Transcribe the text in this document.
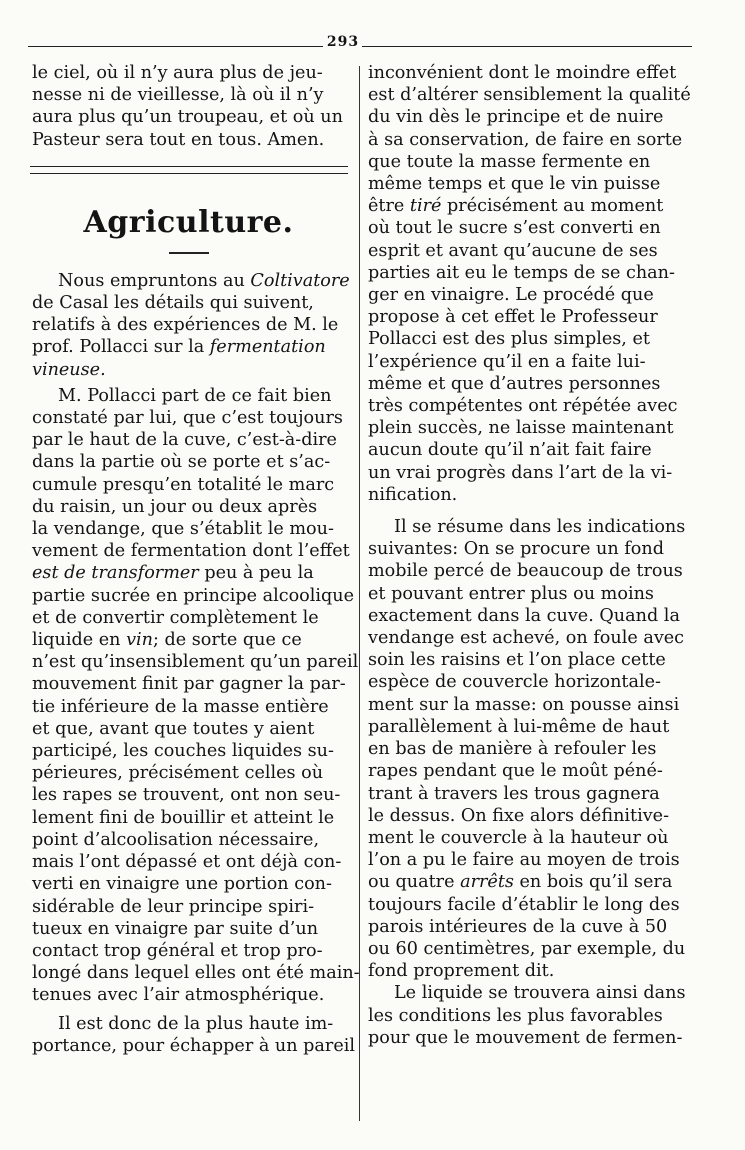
293

le ciel, où il n’y aura plus de jeu-
nesse ni de vieillesse, là où il n’y
aura plus qu’un troupeau, et où un
Pasteur sera tout en tous. Amen.

Agriculture.

Nous empruntons au Coltivatore
de Casal les détails qui suivent,
relatifs à des expériences de M. le
prof. Pollacci sur la fermentation
vineuse.

M. Pollacci part de ce fait bien
constaté par lui, que c’est toujours
par le haut de la cuve, c’est-à-dire
dans la partie où se porte et s’ac-
cumule presqu’en totalité le marc
du raisin, un jour ou deux après
la vendange, que s’établit le mou-
vement de fermentation dont l’effet
est de transformer peu à peu la
partie sucrée en principe alcoolique
et de convertir complètement le
liquide en vin; de sorte que ce
n’est qu’insensiblement qu’un pareil
mouvement finit par gagner la par-
tie inférieure de la masse entière
et que, avant que toutes y aient
participé, les couches liquides su-
périeures, précisément celles où
les rapes se trouvent, ont non seu-
lement fini de bouillir et atteint le
point d’alcoolisation nécessaire,
mais l’ont dépassé et ont déjà con-
verti en vinaigre une portion con-
sidérable de leur principe spiri-
tueux en vinaigre par suite d’un
contact trop général et trop pro-
longé dans lequel elles ont été main-
tenues avec l’air atmosphérique.

Il est donc de la plus haute im-
portance, pour échapper à un pareil

inconvénient dont le moindre effet
est d’altérer sensiblement la qualité
du vin dès le principe et de nuire
à sa conservation, de faire en sorte
que toute la masse fermente en
même temps et que le vin puisse
être tiré précisément au moment
où tout le sucre s’est converti en
esprit et avant qu’aucune de ses
parties ait eu le temps de se chan-
ger en vinaigre. Le procédé que
propose à cet effet le Professeur
Pollacci est des plus simples, et
l’expérience qu’il en a faite lui-
même et que d’autres personnes
très compétentes ont répétée avec
plein succès, ne laisse maintenant
aucun doute qu’il n’ait fait faire
un vrai progrès dans l’art de la vi-
nification.

Il se résume dans les indications
suivantes: On se procure un fond
mobile percé de beaucoup de trous
et pouvant entrer plus ou moins
exactement dans la cuve. Quand la
vendange est achevé, on foule avec
soin les raisins et l’on place cette
espèce de couvercle horizontale-
ment sur la masse: on pousse ainsi
parallèlement à lui-même de haut
en bas de manière à refouler les
rapes pendant que le moût péné-
trant à travers les trous gagnera
le dessus. On fixe alors définitive-
ment le couvercle à la hauteur où
l’on a pu le faire au moyen de trois
ou quatre arrêts en bois qu’il sera
toujours facile d’établir le long des
parois intérieures de la cuve à 50
ou 60 centimètres, par exemple, du
fond proprement dit.

Le liquide se trouvera ainsi dans
les conditions les plus favorables
pour que le mouvement de fermen-
